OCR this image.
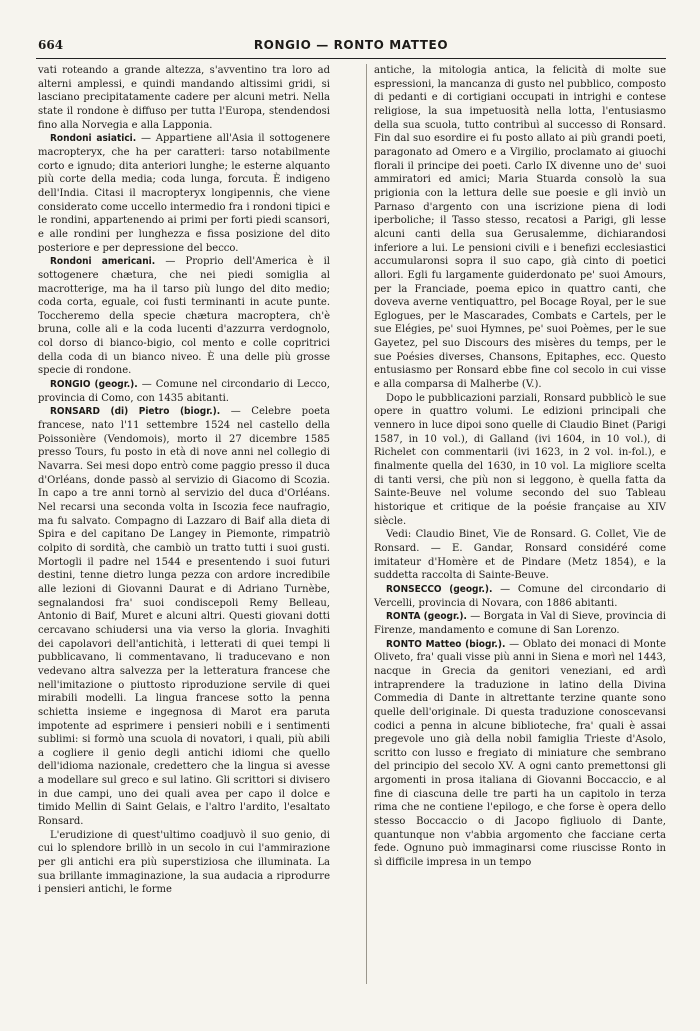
664	RONGIO — RONTO MATTEO

vati roteando a grande altezza, s'avventino tra loro ad alterni amplessi, e quindi mandando altissimi gridi, si lasciano precipitatamente cadere per alcuni metri. Nella state il rondone è diffuso per tutta l'Europa, stendendosi fino alla Norvegia e alla Lapponia.

Rondoni asiatici. — Appartiene all'Asia il sottogenere macropteryx, che ha per caratteri: tarso notabilmente corto e ignudo; dita anteriori lunghe; le esterne alquanto più corte della media; coda lunga, forcuta. È indigeno dell'India. Citasi il macropteryx longipennis, che viene considerato come uccello intermedio fra i rondoni tipici e le rondini, appartenendo ai primi per forti piedi scansori, e alle rondini per lunghezza e fissa posizione del dito posteriore e per depressione del becco.

Rondoni americani. — Proprio dell'America è il sottogenere chætura, che nei piedi somiglia al macrotterige, ma ha il tarso più lungo del dito medio; coda corta, eguale, coi fusti terminanti in acute punte. Toccheremo della specie chætura macroptera, ch'è bruna, colle ali e la coda lucenti d'azzurra verdognolo, col dorso di bianco-bigio, col mento e colle copritrici della coda di un bianco niveo. È una delle più grosse specie di rondone.

RONGIO (geogr.). — Comune nel circondario di Lecco, provincia di Como, con 1435 abitanti.

RONSARD (di) Pietro (biogr.). — Celebre poeta francese, nato l'11 settembre 1524 nel castello della Poissonière (Vendomois), morto il 27 dicembre 1585 presso Tours, fu posto in età di nove anni nel collegio di Navarra. Sei mesi dopo entrò come paggio presso il duca d'Orléans, donde passò al servizio di Giacomo di Scozia. In capo a tre anni tornò al servizio del duca d'Orléans. Nel recarsi una seconda volta in Iscozia fece naufragio, ma fu salvato. Compagno di Lazzaro di Baif alla dieta di Spira e del capitano De Langey in Piemonte, rimpatriò colpito di sordità, che cambiò un tratto tutti i suoi gusti. Mortogli il padre nel 1544 e presentendo i suoi futuri destini, tenne dietro lunga pezza con ardore incredibile alle lezioni di Giovanni Daurat e di Adriano Turnèbe, segnalandosi fra' suoi condiscepoli Remy Belleau, Antonio di Baif, Muret e alcuni altri. Questi giovani dotti cercavano schiudersi una via verso la gloria. Invaghiti dei capolavori dell'antichità, i letterati di quei tempi li pubblicavano, li commentavano, li traducevano e non vedevano altra salvezza per la letteratura francese che nell'imitazione o piuttosto riproduzione servile di quei mirabili modelli. La lingua francese sotto la penna schietta insieme e ingegnosa di Marot era paruta impotente ad esprimere i pensieri nobili e i sentimenti sublimi: si formò una scuola di novatori, i quali, più abili a cogliere il genio degli antichi idiomi che quello dell'idioma nazionale, credettero che la lingua si avesse a modellare sul greco e sul latino. Gli scrittori si divisero in due campi, uno dei quali avea per capo il dolce e timido Mellin di Saint Gelais, e l'altro l'ardito, l'esaltato Ronsard.

L'erudizione di quest'ultimo coadjuvò il suo genio, di cui lo splendore brillò in un secolo in cui l'ammirazione per gli antichi era più superstiziosa che illuminata. La sua brillante immaginazione, la sua audacia a riprodurre i pensieri antichi, le forme

antiche, la mitologia antica, la felicità di molte sue espressioni, la mancanza di gusto nel pubblico, composto di pedanti e di cortigiani occupati in intrighi e contese religiose, la sua impetuosità nella lotta, l'entusiasmo della sua scuola, tutto contribuì al successo di Ronsard. Fin dal suo esordire ei fu posto allato ai più grandi poeti, paragonato ad Omero e a Virgilio, proclamato ai giuochi florali il principe dei poeti. Carlo IX divenne uno de' suoi ammiratori ed amici; Maria Stuarda consolò la sua prigionia con la lettura delle sue poesie e gli inviò un Parnaso d'argento con una iscrizione piena di lodi iperboliche; il Tasso stesso, recatosi a Parigi, gli lesse alcuni canti della sua Gerusalemme, dichiarandosi inferiore a lui. Le pensioni civili e i benefizi ecclesiastici accumularonsi sopra il suo capo, già cinto di poetici allori. Egli fu largamente guiderdonato pe' suoi Amours, per la Franciade, poema epico in quattro canti, che doveva averne ventiquattro, pel Bocage Royal, per le sue Eglogues, per le Mascarades, Combats e Cartels, per le sue Elégies, pe' suoi Hymnes, pe' suoi Poèmes, per le sue Gayetez, pel suo Discours des misères du temps, per le sue Poésies diverses, Chansons, Epitaphes, ecc. Questo entusiasmo per Ronsard ebbe fine col secolo in cui visse e alla comparsa di Malherbe (V.).

Dopo le pubblicazioni parziali, Ronsard pubblicò le sue opere in quattro volumi. Le edizioni principali che vennero in luce dipoi sono quelle di Claudio Binet (Parigi 1587, in 10 vol.), di Galland (ivi 1604, in 10 vol.), di Richelet con commentarii (ivi 1623, in 2 vol. in-fol.), e finalmente quella del 1630, in 10 vol. La migliore scelta di tanti versi, che più non si leggono, è quella fatta da Sainte-Beuve nel volume secondo del suo Tableau historique et critique de la poésie française au XIV siècle.

Vedi: Claudio Binet, Vie de Ronsard. G. Collet, Vie de Ronsard. — E. Gandar, Ronsard considéré come imitateur d'Homère et de Pindare (Metz 1854), e la suddetta raccolta di Sainte-Beuve.

RONSECCO (geogr.). — Comune del circondario di Vercelli, provincia di Novara, con 1886 abitanti.

RONTA (geogr.). — Borgata in Val di Sieve, provincia di Firenze, mandamento e comune di San Lorenzo.

RONTO Matteo (biogr.). — Oblato dei monaci di Monte Oliveto, fra' quali visse più anni in Siena e morì nel 1443, nacque in Grecia da genitori veneziani, ed ardì intraprendere la traduzione in latino della Divina Commedia di Dante in altrettante terzine quante sono quelle dell'originale. Di questa traduzione conoscevansi codici a penna in alcune biblioteche, fra' quali è assai pregevole uno già della nobil famiglia Trieste d'Asolo, scritto con lusso e fregiato di miniature che sembrano del principio del secolo XV. A ogni canto premettonsi gli argomenti in prosa italiana di Giovanni Boccaccio, e al fine di ciascuna delle tre parti ha un capitolo in terza rima che ne contiene l'epilogo, e che forse è opera dello stesso Boccaccio o di Jacopo figliuolo di Dante, quantunque non v'abbia argomento che facciane certa fede. Ognuno può immaginarsi come riuscisse Ronto in sì difficile impresa in un tempo
